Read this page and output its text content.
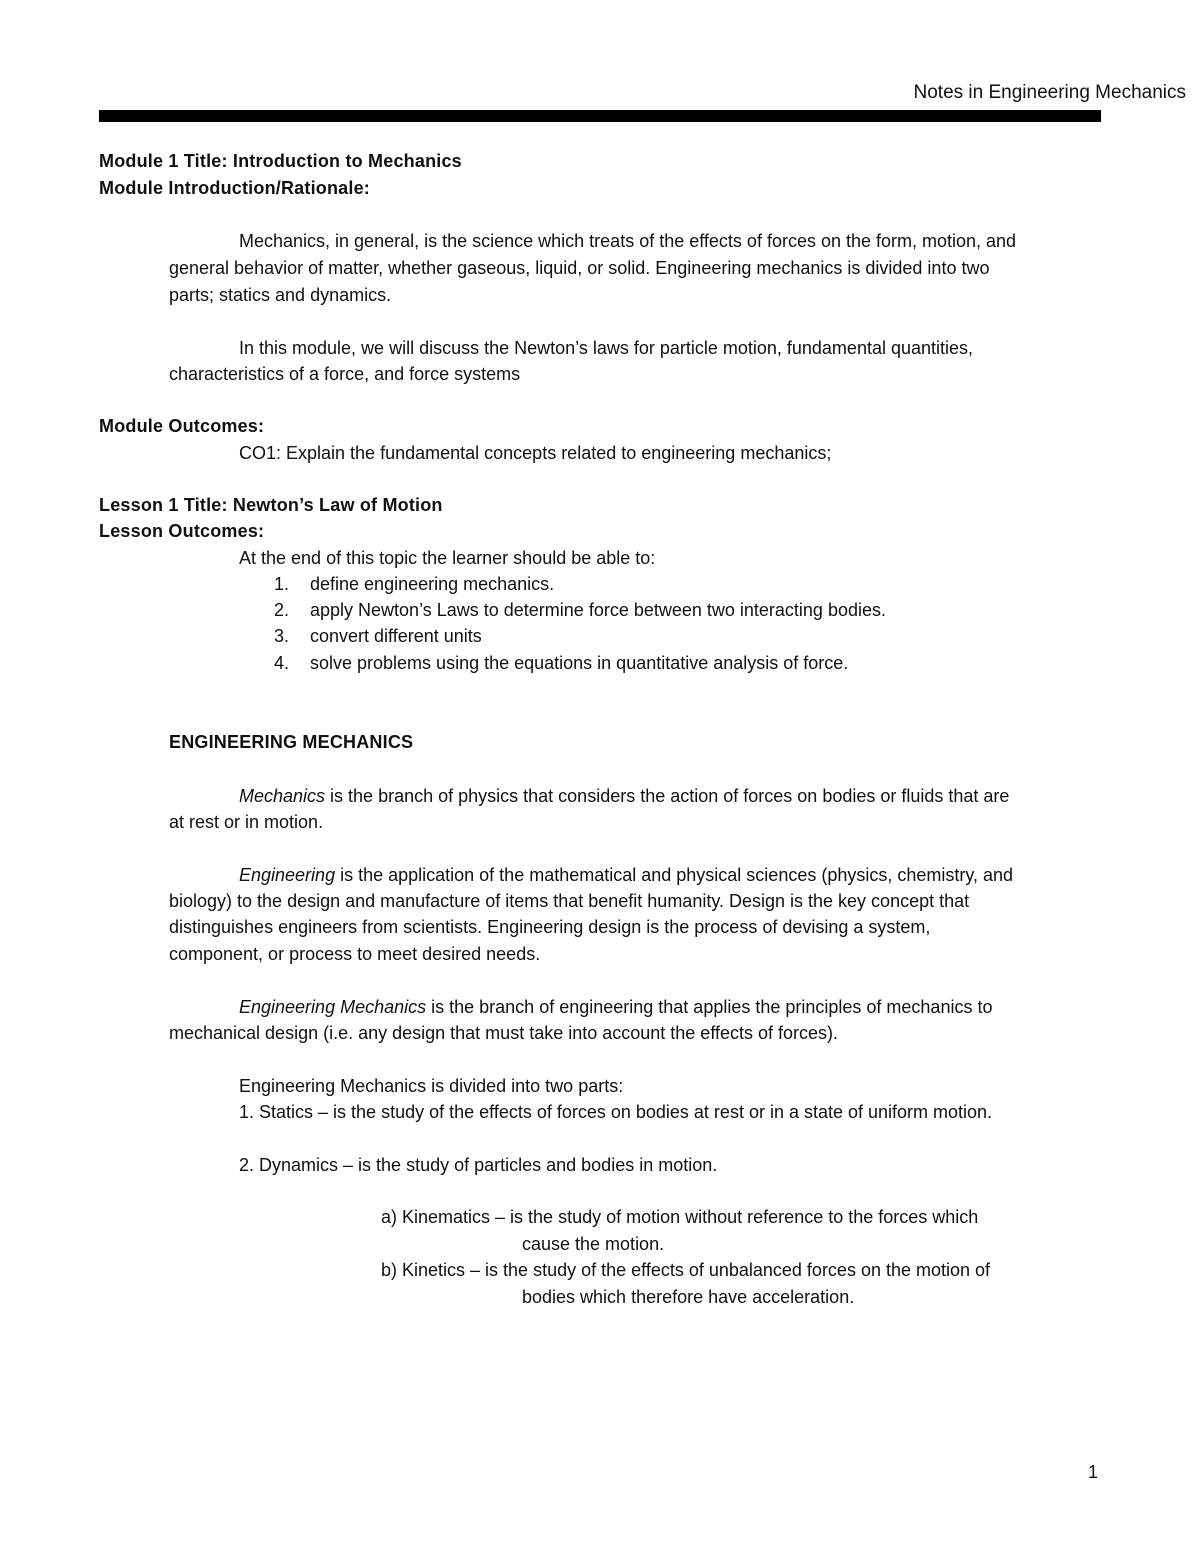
Notes in Engineering Mechanics
Module 1 Title: Introduction to Mechanics
Module Introduction/Rationale:
Mechanics, in general, is the science which treats of the effects of forces on the form, motion, and
general behavior of matter, whether gaseous, liquid, or solid. Engineering mechanics is divided into two
parts; statics and dynamics.
In this module, we will discuss the Newton’s laws for particle motion, fundamental quantities,
characteristics of a force, and force systems
Module Outcomes:
CO1: Explain the fundamental concepts related to engineering mechanics;
Lesson 1 Title: Newton’s Law of Motion
Lesson Outcomes:
At the end of this topic the learner should be able to:
1. define engineering mechanics.
2. apply Newton’s Laws to determine force between two interacting bodies.
3. convert different units
4. solve problems using the equations in quantitative analysis of force.
ENGINEERING MECHANICS
Mechanics is the branch of physics that considers the action of forces on bodies or fluids that are
at rest or in motion.
Engineering is the application of the mathematical and physical sciences (physics, chemistry, and
biology) to the design and manufacture of items that benefit humanity. Design is the key concept that
distinguishes engineers from scientists. Engineering design is the process of devising a system,
component, or process to meet desired needs.
Engineering Mechanics is the branch of engineering that applies the principles of mechanics to
mechanical design (i.e. any design that must take into account the effects of forces).
Engineering Mechanics is divided into two parts:
1. Statics – is the study of the effects of forces on bodies at rest or in a state of uniform motion.
2. Dynamics – is the study of particles and bodies in motion.
a) Kinematics – is the study of motion without reference to the forces which
cause the motion.
b) Kinetics – is the study of the effects of unbalanced forces on the motion of
bodies which therefore have acceleration.
1
